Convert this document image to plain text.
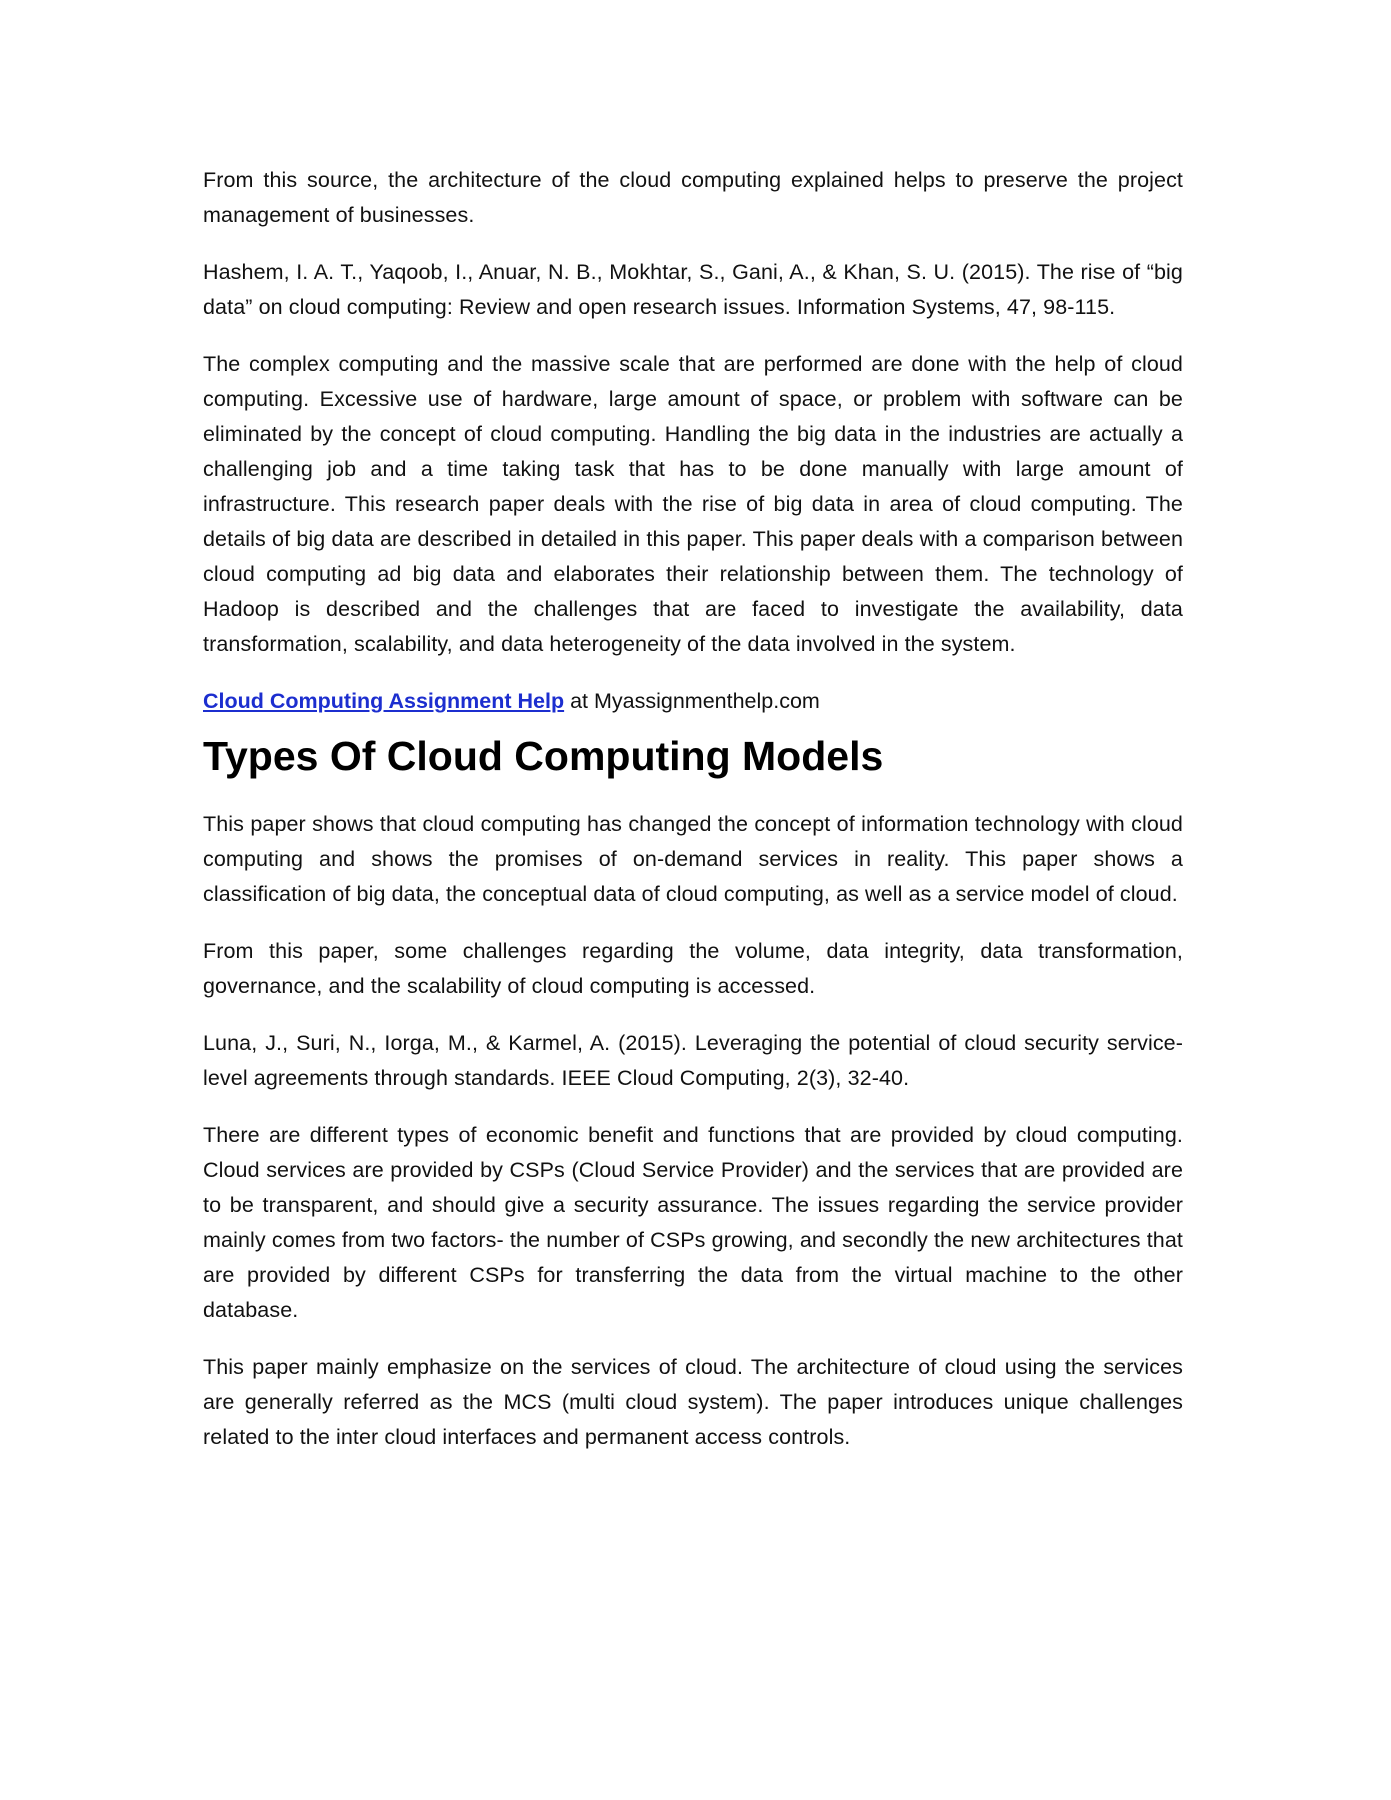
From this source, the architecture of the cloud computing explained helps to preserve the project management of businesses.

Hashem, I. A. T., Yaqoob, I., Anuar, N. B., Mokhtar, S., Gani, A., & Khan, S. U. (2015). The rise of “big data” on cloud computing: Review and open research issues. Information Systems, 47, 98-115.

The complex computing and the massive scale that are performed are done with the help of cloud computing. Excessive use of hardware, large amount of space, or problem with software can be eliminated by the concept of cloud computing. Handling the big data in the industries are actually a challenging job and a time taking task that has to be done manually with large amount of infrastructure. This research paper deals with the rise of big data in area of cloud computing. The details of big data are described in detailed in this paper. This paper deals with a comparison between cloud computing ad big data and elaborates their relationship between them. The technology of Hadoop is described and the challenges that are faced to investigate the availability, data transformation, scalability, and data heterogeneity of the data involved in the system.

Cloud Computing Assignment Help at Myassignmenthelp.com

Types Of Cloud Computing Models

This paper shows that cloud computing has changed the concept of information technology with cloud computing and shows the promises of on-demand services in reality. This paper shows a classification of big data, the conceptual data of cloud computing, as well as a service model of cloud.

From this paper, some challenges regarding the volume, data integrity, data transformation, governance, and the scalability of cloud computing is accessed.

Luna, J., Suri, N., Iorga, M., & Karmel, A. (2015). Leveraging the potential of cloud security service-level agreements through standards. IEEE Cloud Computing, 2(3), 32-40.

There are different types of economic benefit and functions that are provided by cloud computing. Cloud services are provided by CSPs (Cloud Service Provider) and the services that are provided are to be transparent, and should give a security assurance. The issues regarding the service provider mainly comes from two factors- the number of CSPs growing, and secondly the new architectures that are provided by different CSPs for transferring the data from the virtual machine to the other database.

This paper mainly emphasize on the services of cloud. The architecture of cloud using the services are generally referred as the MCS (multi cloud system). The paper introduces unique challenges related to the inter cloud interfaces and permanent access controls.
